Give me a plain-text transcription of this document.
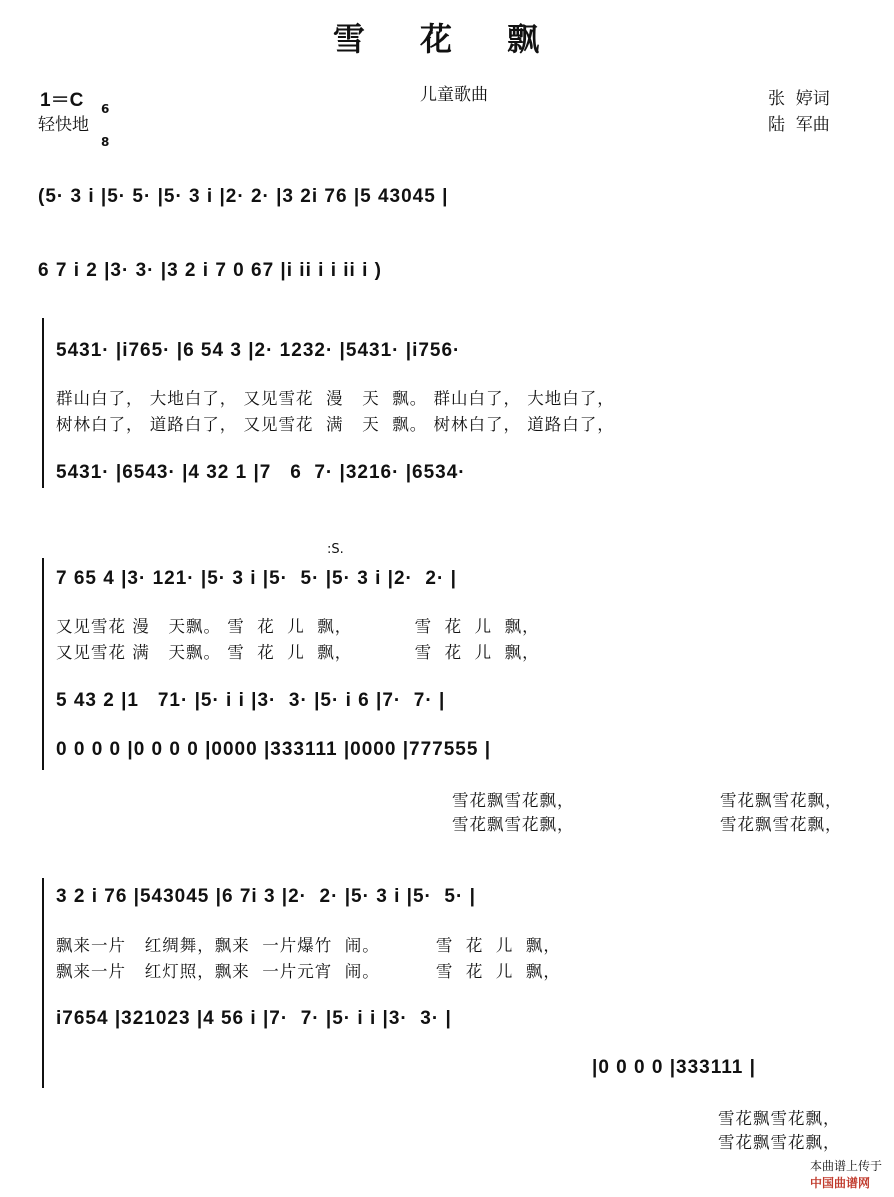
雪 花 飘
1＝C

6

8

轻快地
儿童歌曲	张  婷词
陆  军曲
(5· 3 i |5· 5· |5· 3 i |2· 2· |3 2i 76 |5 43045 |
6 7 i 2 |3· 3· |3 2 i 7 0 67 |i ii i i ii i )
5431· |i765· |6 54 3 |2· 1232· |5431· |i756·
群山白了， 大地白了， 又见雪花  漫   天  飘。 群山白了， 大地白了，
树林白了， 道路白了， 又见雪花  满   天  飘。 树林白了， 道路白了，
5431· |6543· |4 32 1 |7   6  7· |3216· |6534·
:S.
7 65 4 |3· 121· |5· 3 i |5·  5· |5· 3 i |2·  2· |
又见雪花 漫   天飘。 雪  花  儿  飘，          雪  花  儿  飘，
又见雪花 满   天飘。 雪  花  儿  飘，          雪  花  儿  飘，
5 43 2 |1   71· |5· i i |3·  3· |5· i 6 |7·  7· |
0 0 0 0 |0 0 0 0 |0000 |333111 |0000 |777555 |
雪花飘雪花飘，
雪花飘雪花飘，
雪花飘雪花飘，
雪花飘雪花飘，
3 2 i 76 |543045 |6 7i 3 |2·  2· |5· 3 i |5·  5· |
飘来一片   红绸舞，飘来  一片爆竹  闹。         雪  花  儿  飘，
飘来一片   红灯照，飘来  一片元宵  闹。         雪  花  儿  飘，
i7654 |321023 |4 56 i |7·  7· |5· i i |3·  3· |
|0 0 0 0 |333111 |
雪花飘雪花飘，
雪花飘雪花飘，

本曲谱上传于
中国曲谱网
